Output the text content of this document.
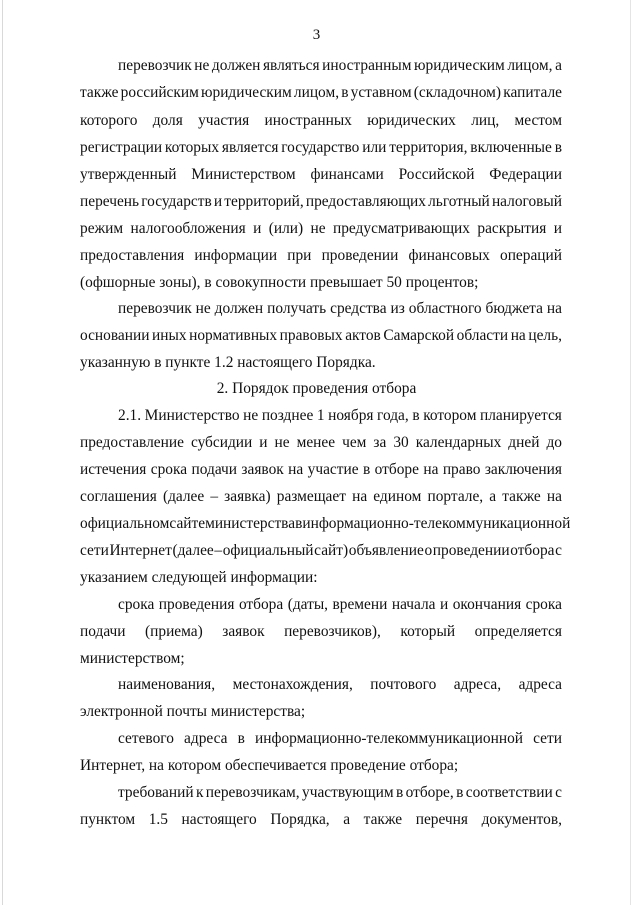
3
перевозчик не должен являться иностранным юридическим лицом, а
также российским юридическим лицом, в уставном (складочном) капитале
которого доля участия иностранных юридических лиц, местом
регистрации которых является государство или территория, включенные в
утвержденный Министерством финансами Российской Федерации
перечень государств и территорий, предоставляющих льготный налоговый
режим налогообложения и (или) не предусматривающих раскрытия и
предоставления информации при проведении финансовых операций
(офшорные зоны), в совокупности превышает 50 процентов;
перевозчик не должен получать средства из областного бюджета на
основании иных нормативных правовых актов Самарской области на цель,
указанную в пункте 1.2 настоящего Порядка.
2. Порядок проведения отбора
2.1. Министерство не позднее 1 ноября года, в котором планируется
предоставление субсидии и не менее чем за 30 календарных дней до
истечения срока подачи заявок на участие в отборе на право заключения
соглашения (далее – заявка) размещает на едином портале, а также на
официальном сайте министерства в информационно-телекоммуникационной
сети Интернет (далее – официальный сайт) объявление о проведении отбора с
указанием следующей информации:
срока проведения отбора (даты, времени начала и окончания срока
подачи (приема) заявок перевозчиков), который определяется
министерством;
наименования, местонахождения, почтового адреса, адреса
электронной почты министерства;
сетевого адреса в информационно-телекоммуникационной сети
Интернет, на котором обеспечивается проведение отбора;
требований к перевозчикам, участвующим в отборе, в соответствии с
пунктом 1.5 настоящего Порядка, а также перечня документов,
